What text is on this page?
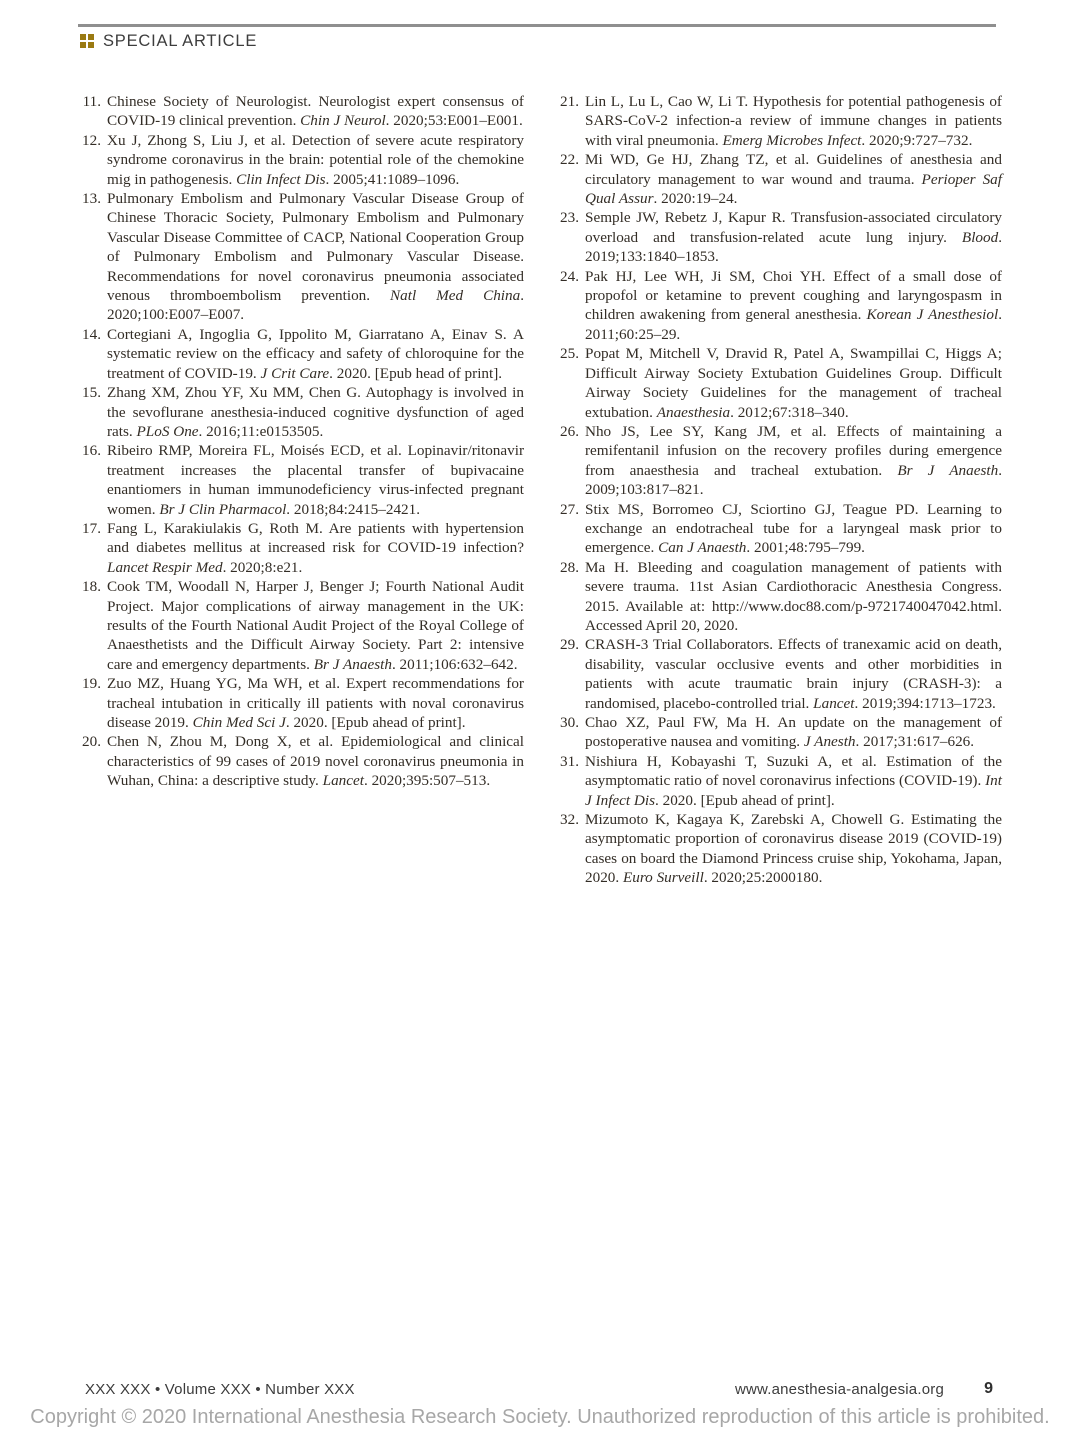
SPECIAL ARTICLE
11. Chinese Society of Neurologist. Neurologist expert consensus of COVID-19 clinical prevention. Chin J Neurol. 2020;53:E001–E001.
12. Xu J, Zhong S, Liu J, et al. Detection of severe acute respiratory syndrome coronavirus in the brain: potential role of the chemokine mig in pathogenesis. Clin Infect Dis. 2005;41:1089–1096.
13. Pulmonary Embolism and Pulmonary Vascular Disease Group of Chinese Thoracic Society, Pulmonary Embolism and Pulmonary Vascular Disease Committee of CACP, National Cooperation Group of Pulmonary Embolism and Pulmonary Vascular Disease. Recommendations for novel coronavirus pneumonia associated venous thromboembolism prevention. Natl Med China. 2020;100:E007–E007.
14. Cortegiani A, Ingoglia G, Ippolito M, Giarratano A, Einav S. A systematic review on the efficacy and safety of chloroquine for the treatment of COVID-19. J Crit Care. 2020. [Epub head of print].
15. Zhang XM, Zhou YF, Xu MM, Chen G. Autophagy is involved in the sevoflurane anesthesia-induced cognitive dysfunction of aged rats. PLoS One. 2016;11:e0153505.
16. Ribeiro RMP, Moreira FL, Moisés ECD, et al. Lopinavir/ritonavir treatment increases the placental transfer of bupivacaine enantiomers in human immunodeficiency virus-infected pregnant women. Br J Clin Pharmacol. 2018;84:2415–2421.
17. Fang L, Karakiulakis G, Roth M. Are patients with hypertension and diabetes mellitus at increased risk for COVID-19 infection? Lancet Respir Med. 2020;8:e21.
18. Cook TM, Woodall N, Harper J, Benger J; Fourth National Audit Project. Major complications of airway management in the UK: results of the Fourth National Audit Project of the Royal College of Anaesthetists and the Difficult Airway Society. Part 2: intensive care and emergency departments. Br J Anaesth. 2011;106:632–642.
19. Zuo MZ, Huang YG, Ma WH, et al. Expert recommendations for tracheal intubation in critically ill patients with noval coronavirus disease 2019. Chin Med Sci J. 2020. [Epub ahead of print].
20. Chen N, Zhou M, Dong X, et al. Epidemiological and clinical characteristics of 99 cases of 2019 novel coronavirus pneumonia in Wuhan, China: a descriptive study. Lancet. 2020;395:507–513.
21. Lin L, Lu L, Cao W, Li T. Hypothesis for potential pathogenesis of SARS-CoV-2 infection-a review of immune changes in patients with viral pneumonia. Emerg Microbes Infect. 2020;9:727–732.
22. Mi WD, Ge HJ, Zhang TZ, et al. Guidelines of anesthesia and circulatory management to war wound and trauma. Perioper Saf Qual Assur. 2020:19–24.
23. Semple JW, Rebetz J, Kapur R. Transfusion-associated circulatory overload and transfusion-related acute lung injury. Blood. 2019;133:1840–1853.
24. Pak HJ, Lee WH, Ji SM, Choi YH. Effect of a small dose of propofol or ketamine to prevent coughing and laryngospasm in children awakening from general anesthesia. Korean J Anesthesiol. 2011;60:25–29.
25. Popat M, Mitchell V, Dravid R, Patel A, Swampillai C, Higgs A; Difficult Airway Society Extubation Guidelines Group. Difficult Airway Society Guidelines for the management of tracheal extubation. Anaesthesia. 2012;67:318–340.
26. Nho JS, Lee SY, Kang JM, et al. Effects of maintaining a remifentanil infusion on the recovery profiles during emergence from anaesthesia and tracheal extubation. Br J Anaesth. 2009;103:817–821.
27. Stix MS, Borromeo CJ, Sciortino GJ, Teague PD. Learning to exchange an endotracheal tube for a laryngeal mask prior to emergence. Can J Anaesth. 2001;48:795–799.
28. Ma H. Bleeding and coagulation management of patients with severe trauma. 11st Asian Cardiothoracic Anesthesia Congress. 2015. Available at: http://www.doc88.com/p-9721740047042.html. Accessed April 20, 2020.
29. CRASH-3 Trial Collaborators. Effects of tranexamic acid on death, disability, vascular occlusive events and other morbidities in patients with acute traumatic brain injury (CRASH-3): a randomised, placebo-controlled trial. Lancet. 2019;394:1713–1723.
30. Chao XZ, Paul FW, Ma H. An update on the management of postoperative nausea and vomiting. J Anesth. 2017;31:617–626.
31. Nishiura H, Kobayashi T, Suzuki A, et al. Estimation of the asymptomatic ratio of novel coronavirus infections (COVID-19). Int J Infect Dis. 2020. [Epub ahead of print].
32. Mizumoto K, Kagaya K, Zarebski A, Chowell G. Estimating the asymptomatic proportion of coronavirus disease 2019 (COVID-19) cases on board the Diamond Princess cruise ship, Yokohama, Japan, 2020. Euro Surveill. 2020;25:2000180.
XXX XXX • Volume XXX • Number XXX	www.anesthesia-analgesia.org	9
Copyright © 2020 International Anesthesia Research Society. Unauthorized reproduction of this article is prohibited.
